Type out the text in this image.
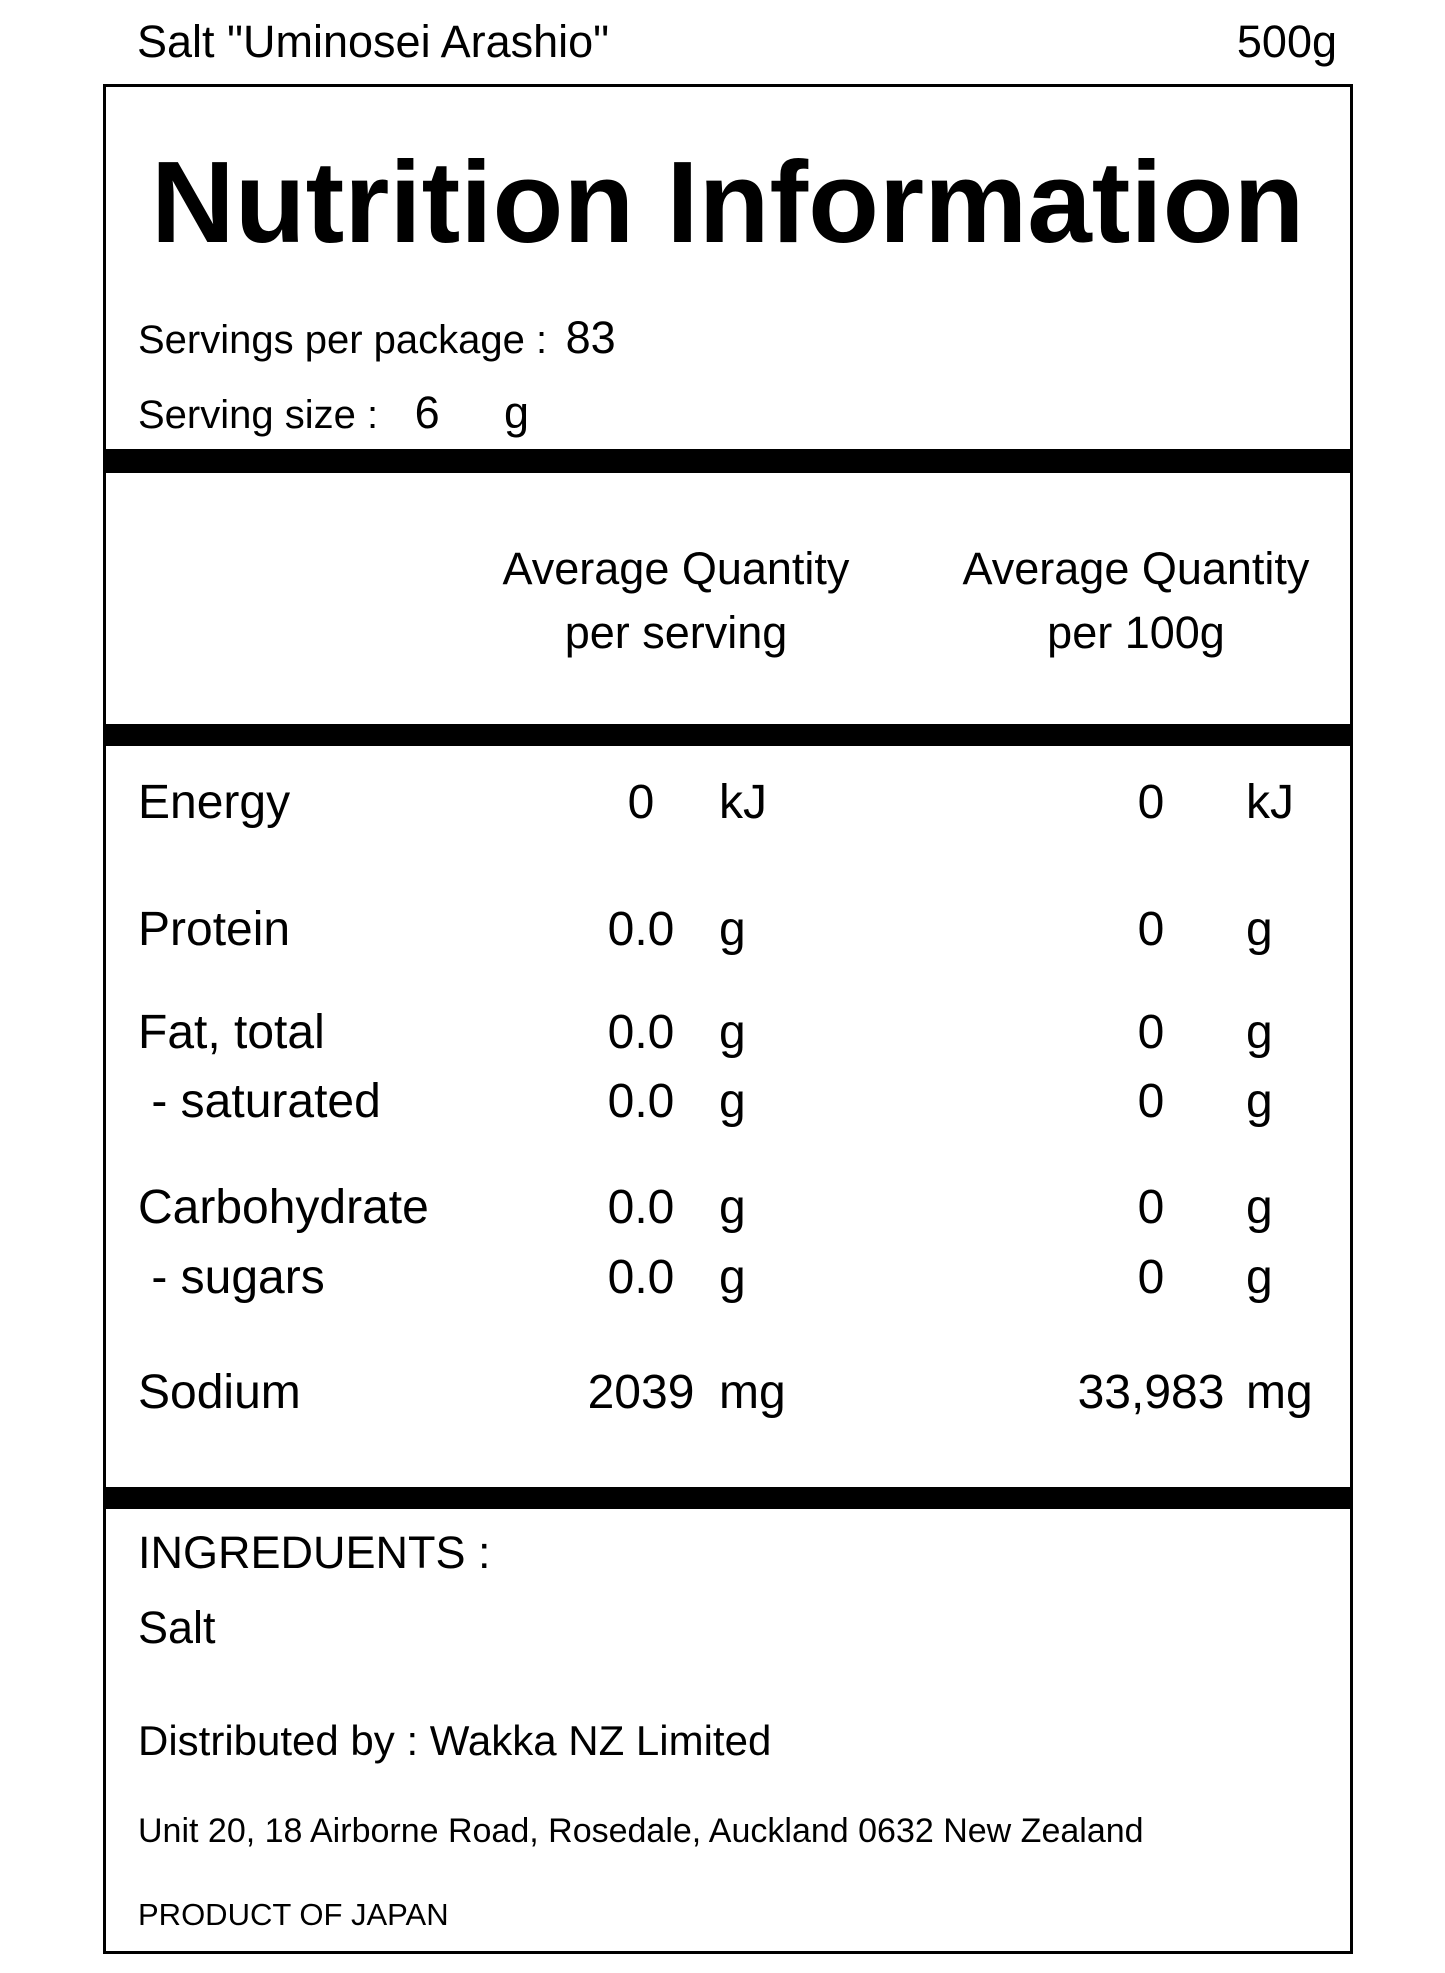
Salt "Uminosei Arashio"	500g
Nutrition Information
Servings per package : 83
Serving size : 6 g
Average Quantity
per serving
Average Quantity
per 100g
Energy	0	kJ	0	kJ
Protein	0.0 g	0	g
Fat, total	0.0 g	0	g
- saturated	0.0 g	0	g
Carbohydrate	0.0 g	0	g
- sugars	0.0 g	0	g
Sodium	2039 mg	33,983 mg
INGREDUENTS :
Salt
Distributed by : Wakka NZ Limited
Unit 20, 18 Airborne Road, Rosedale, Auckland 0632 New Zealand
PRODUCT OF JAPAN
